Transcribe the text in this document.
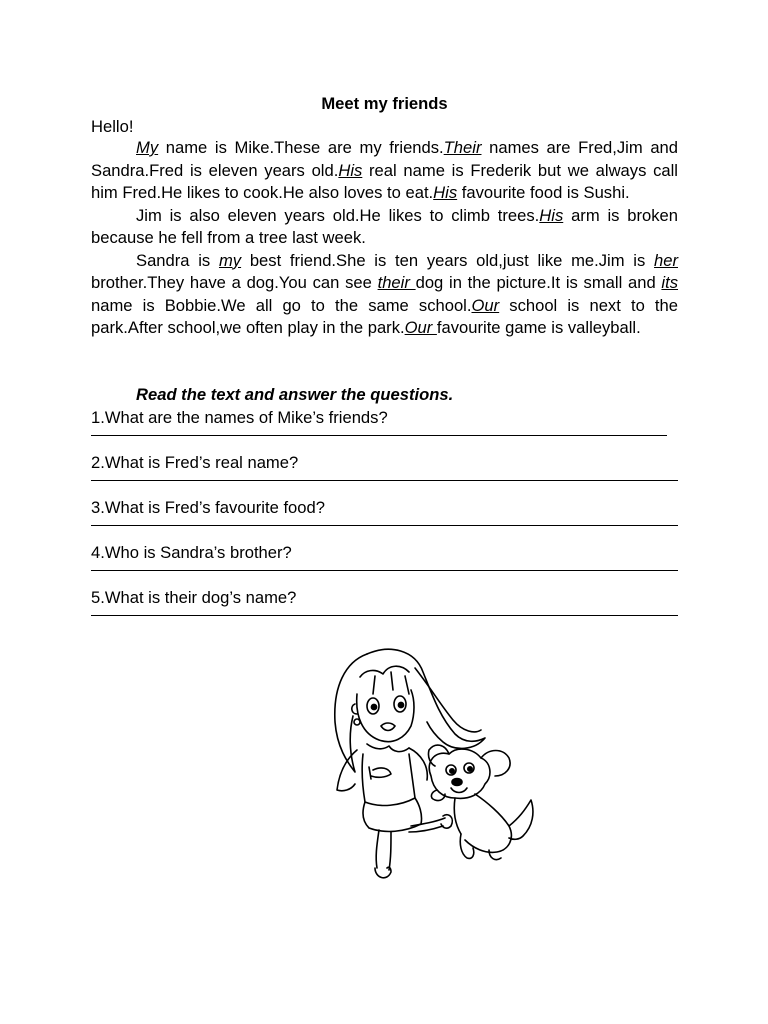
Meet my friends
Hello!

My name is Mike.These are my friends.Their names are Fred,Jim and Sandra.Fred is eleven years old.His real name is Frederik but we always call him Fred.He likes to cook.He also loves to eat.His favourite food is Sushi.

Jim is also eleven years old.He likes to climb trees.His arm is broken because he fell from a tree last week.

Sandra is my best friend.She is ten years old,just like me.Jim is her brother.They have a dog.You can see their dog in the picture.It is small and its name is Bobbie.We all go to the same school.Our school is next to the park.After school,we often play in the park.Our favourite game is valleyball.

Read the text and answer the questions.
1.What are the names of Mike’s friends?
2.What is Fred’s real name?
3.What is Fred’s favourite food?
4.Who is Sandra’s brother?
5.What is their dog’s name?
